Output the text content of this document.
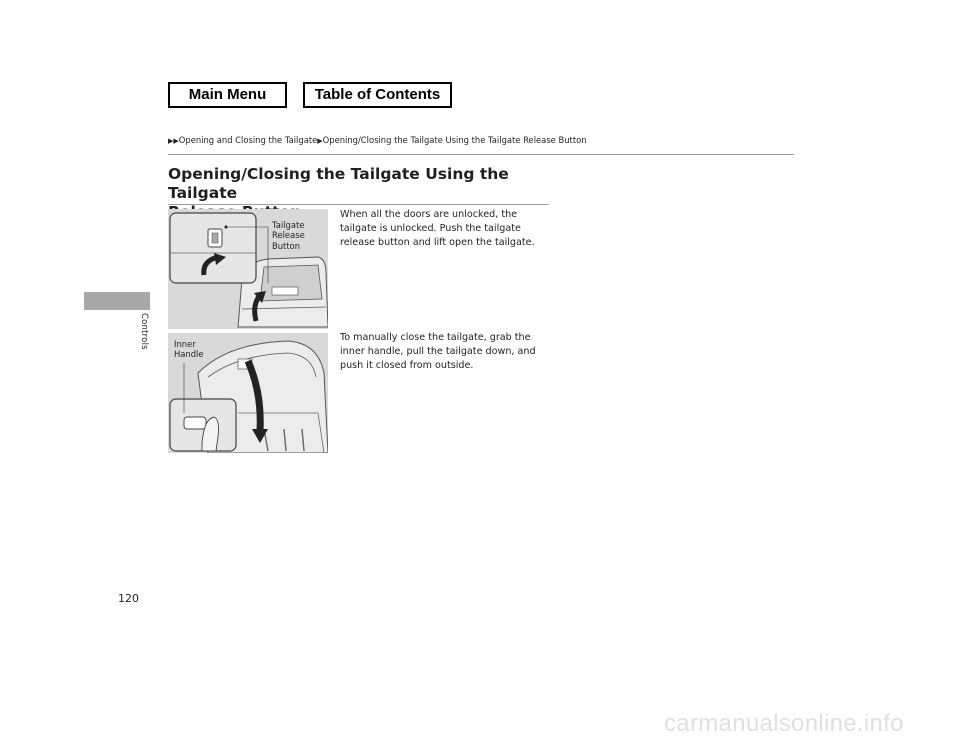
Main Menu	Table of Contents
▶▶Opening and Closing the Tailgate▶Opening/Closing the Tailgate Using the Tailgate Release Button
Controls
Opening/Closing the Tailgate Using the Tailgate
When all the doors are unlocked, the tailgate is unlocked. Push the tailgate release button and lift open the tailgate.
To manually close the tailgate, grab the inner handle, pull the tailgate down, and push it closed from outside.
Tailgate
Release
Button
Inner
Handle
120
carmanualsonline.info
